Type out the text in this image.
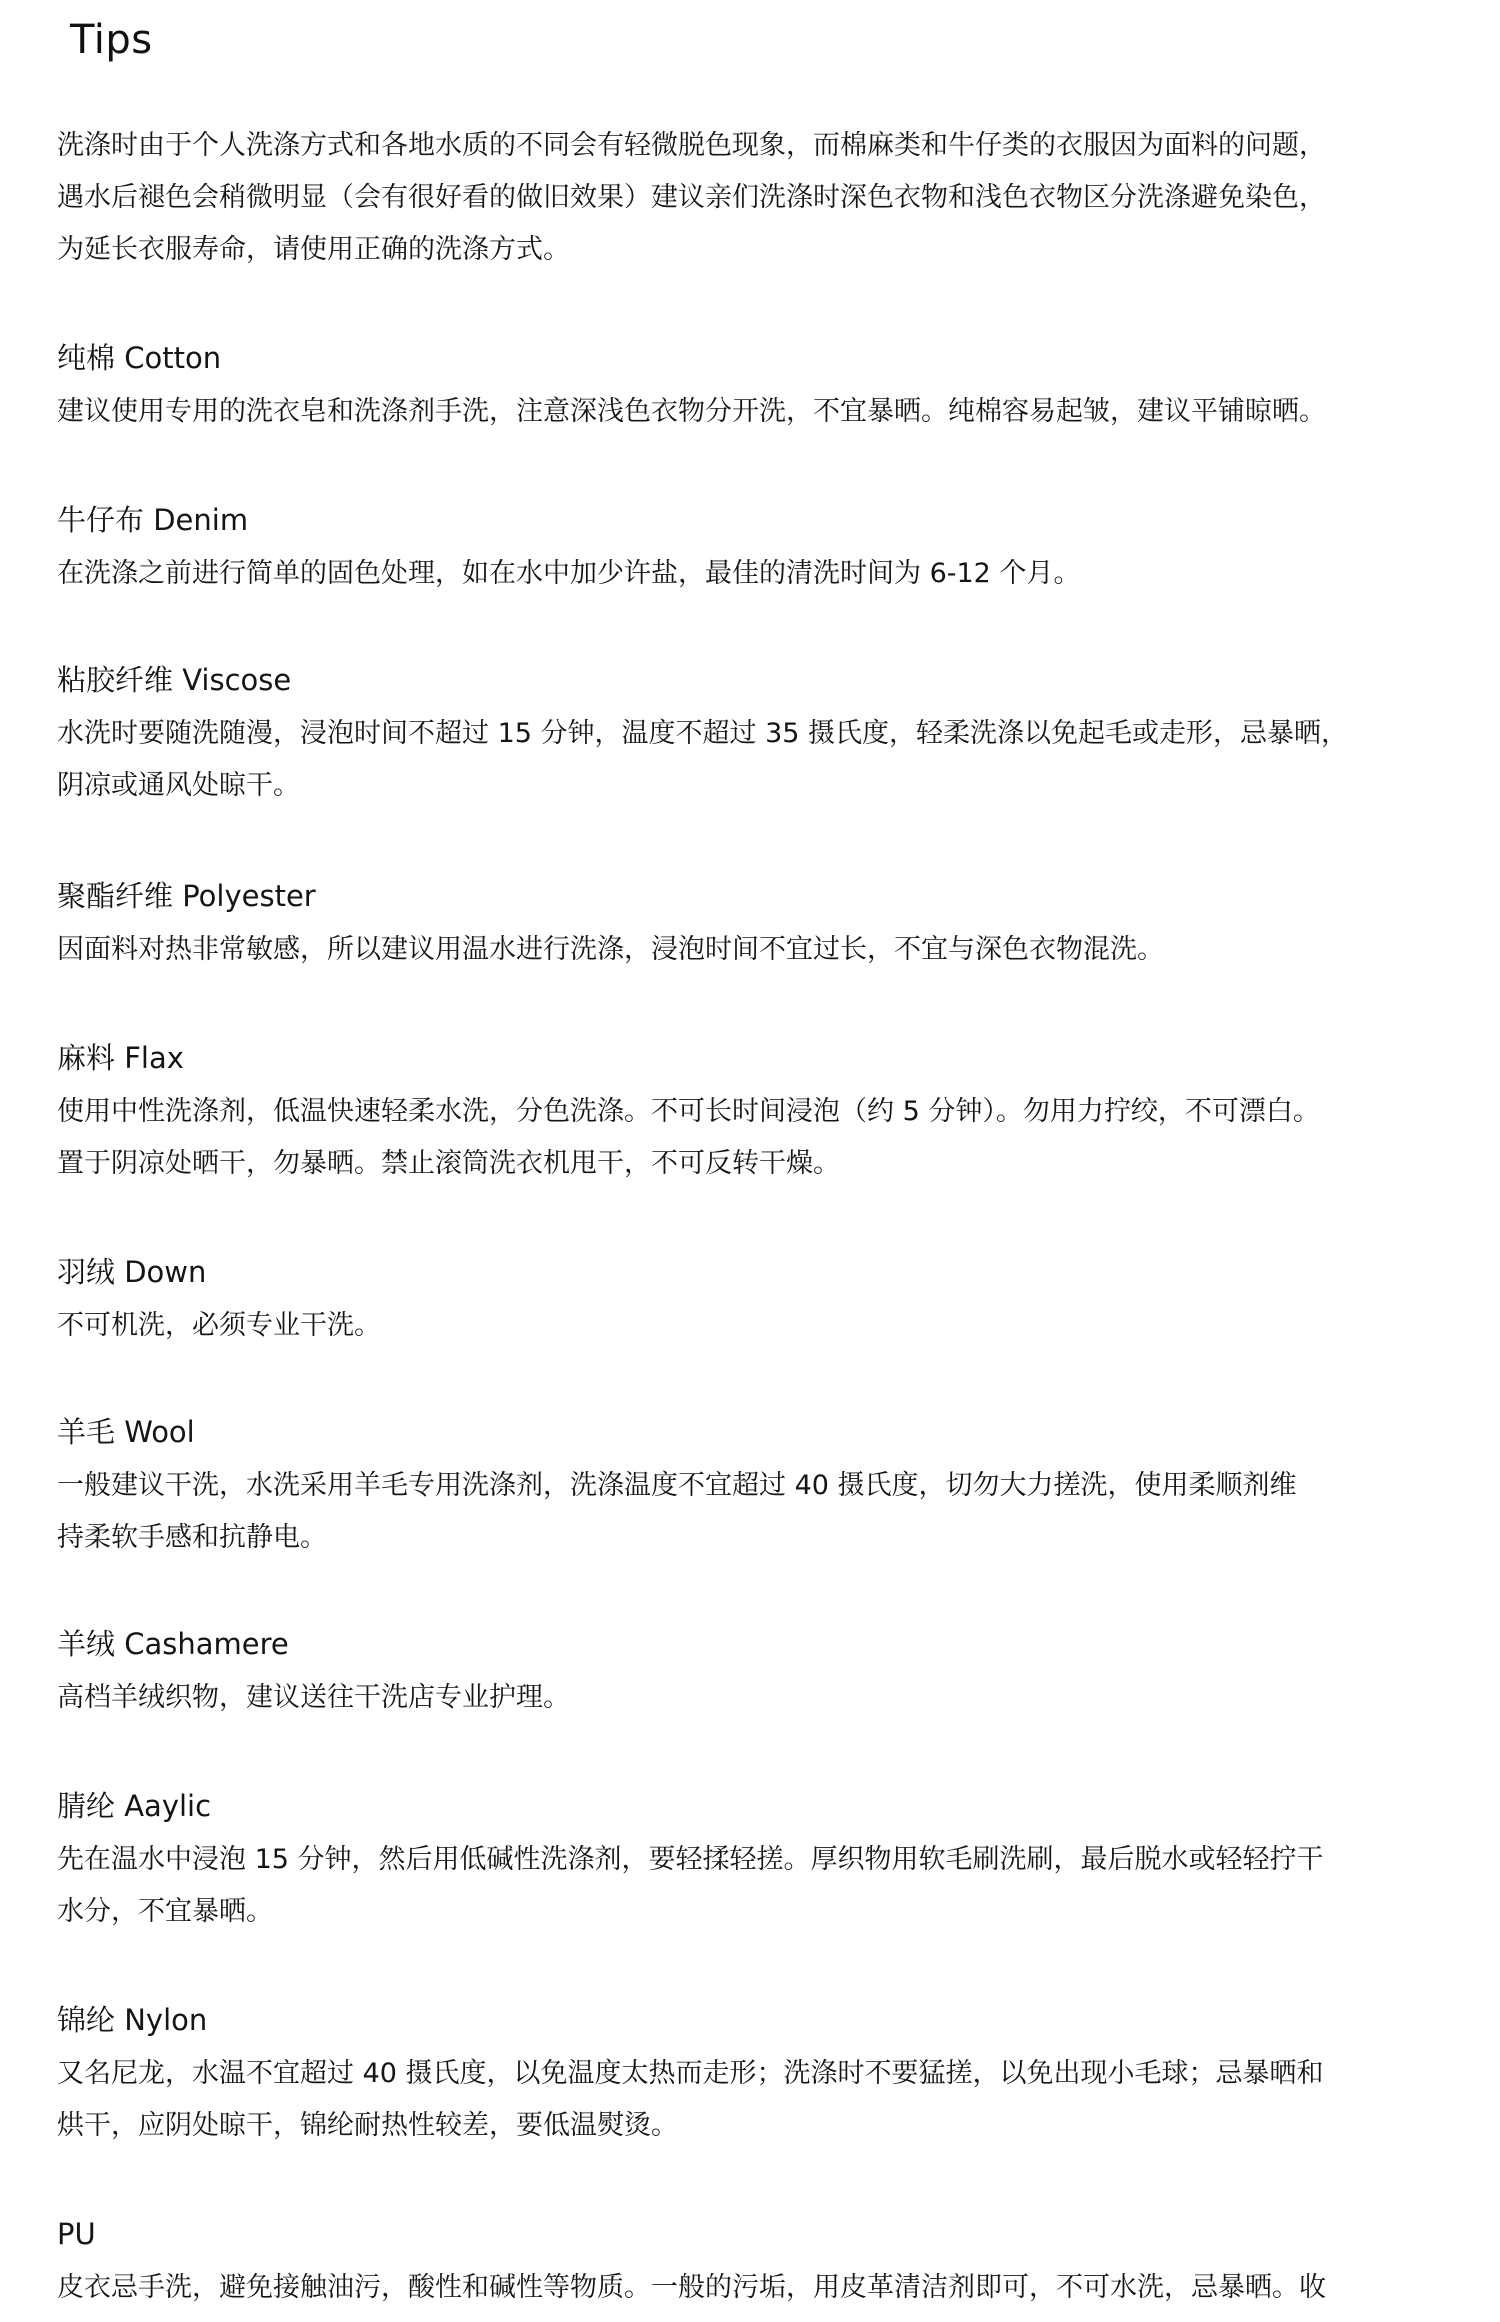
Tips
洗涤时由于个人洗涤方式和各地水质的不同会有轻微脱色现象，而棉麻类和牛仔类的衣服因为面料的问题，
遇水后褪色会稍微明显（会有很好看的做旧效果）建议亲们洗涤时深色衣物和浅色衣物区分洗涤避免染色，
为延长衣服寿命，请使用正确的洗涤方式。
纯棉 Cotton
建议使用专用的洗衣皂和洗涤剂手洗，注意深浅色衣物分开洗，不宜暴晒。纯棉容易起皱，建议平铺晾晒。
牛仔布 Denim
在洗涤之前进行简单的固色处理，如在水中加少许盐，最佳的清洗时间为 6-12 个月。
粘胶纤维 Viscose
水洗时要随洗随漫，浸泡时间不超过 15 分钟，温度不超过 35 摄氏度，轻柔洗涤以免起毛或走形，忌暴晒，
阴凉或通风处晾干。
聚酯纤维 Polyester
因面料对热非常敏感，所以建议用温水进行洗涤，浸泡时间不宜过长，不宜与深色衣物混洗。
麻料 Flax
使用中性洗涤剂，低温快速轻柔水洗，分色洗涤。不可长时间浸泡（约 5 分钟）。勿用力拧绞，不可漂白。
置于阴凉处晒干，勿暴晒。禁止滚筒洗衣机甩干，不可反转干燥。
羽绒 Down
不可机洗，必须专业干洗。
羊毛 Wool
一般建议干洗，水洗采用羊毛专用洗涤剂，洗涤温度不宜超过 40 摄氏度，切勿大力搓洗，使用柔顺剂维
持柔软手感和抗静电。
羊绒 Cashamere
高档羊绒织物，建议送往干洗店专业护理。
腈纶 Aaylic
先在温水中浸泡 15 分钟，然后用低碱性洗涤剂，要轻揉轻搓。厚织物用软毛刷洗刷，最后脱水或轻轻拧干
水分，不宜暴晒。
锦纶 Nylon
又名尼龙，水温不宜超过 40 摄氏度，以免温度太热而走形；洗涤时不要猛搓，以免出现小毛球；忌暴晒和
烘干，应阴处晾干，锦纶耐热性较差，要低温熨烫。
PU
皮衣忌手洗，避免接触油污，酸性和碱性等物质。一般的污垢，用皮革清洁剂即可，不可水洗，忌暴晒。收
